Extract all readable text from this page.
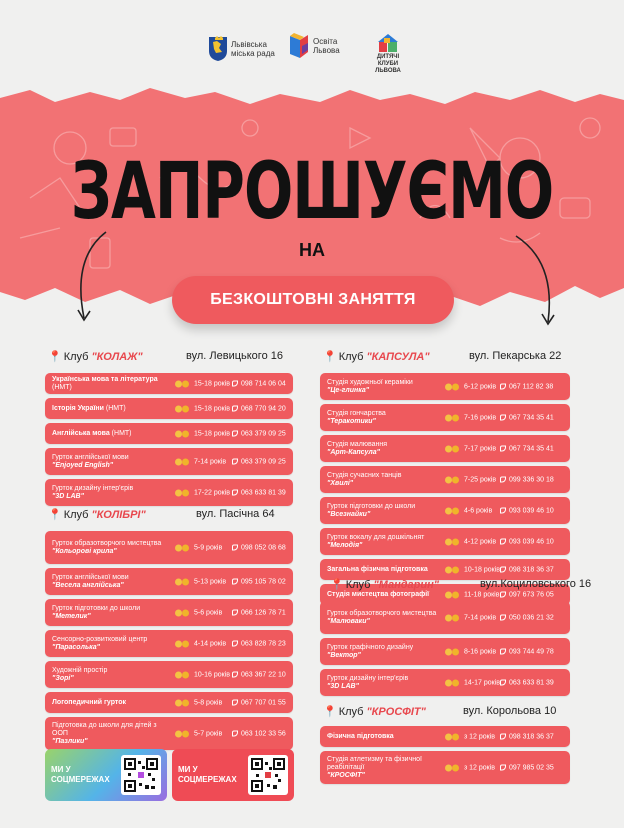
Львівська міська рада
Освіта Львова
ДИТЯЧІ КЛУБИ ЛЬВОВА
ЗАПРОШУЄМО
НА
БЕЗКОШТОВНІ ЗАНЯТТЯ
📍 Клуб "КОЛАЖ"	вул. Левицького 16
Українська мова та література (НМТ)	15-18 років 098 714 06 04
Історія України (НМТ)	15-18 років 068 770 94 20
Англійська мова (НМТ)	15-18 років 063 379 09 25
Гурток англійської мови
"Enjoyed English"	7-14 років 063 379 09 25
Гурток дизайну інтер'єрів
"3D LAB"	17-22 років 063 633 81 39
📍 Клуб "КОЛІБРІ"	вул. Пасічна 64
Гурток образотворчого мистецтва
"Кольорові крила"	5-9 років	098 052 08 68
Гурток англійської мови
"Весела англійська"	5-13 років 095 105 78 02
Гурток підготовки до школи
"Метелик"	5-6 років	066 126 78 71
Сенсорно-розвитковий центр
"Парасолька"	4-14 років 063 828 78 23
Художній простір
"Зорі"	10-16 років 063 367 22 10
Логопедичний гурток	5-8 років	067 707 01 55
Підготовка до школи для дітей з ООП
"Пазлики"
5-7 років	063 102 33 56
📍 Клуб "КАПСУЛА"	вул. Пекарська 22
Студія художньої кераміки
"Це-глинка"	6-12 років 067 112 82 38
Студія гончарства
"Теракотики"	7-16 років 067 734 35 41
Студія малювання
"Арт-Капсула"	7-17 років 067 734 35 41
Студія сучасних танців
"Хвилі"	7-25 років 099 336 30 18
Гурток підготовки до школи
"Всезнайки"	4-6 років 093 039 46 10
Гурток вокалу для дошкільнят
"Мелодія"	4-12 років 093 039 46 10
Загальна фізична підготовка	10-18 років 098 318 36 37
Студія мистецтва фотографії	11-18 років 097 673 76 05
📍 Клуб "Мандарин"	вул.Коциловського 16
Гурток образотворчого мистецтва
"Малюваки"	7-14 років 050 036 21 32
Гурток графічного дизайну
"Вектор"	8-16 років 093 744 49 78
Гурток дизайну інтер'єрів
"3D LAB"	14-17 років 063 633 81 39
📍 Клуб "КРОСФІТ"	вул. Корольова 10
Фізична підготовка	з 12 років 098 318 36 37
Студія атлетизму та фізичної реабілітації
"КРОСФІТ"
з 12 років 097 985 02 35
МИ У СОЦМЕРЕЖАХ
МИ У СОЦМЕРЕЖАХ
